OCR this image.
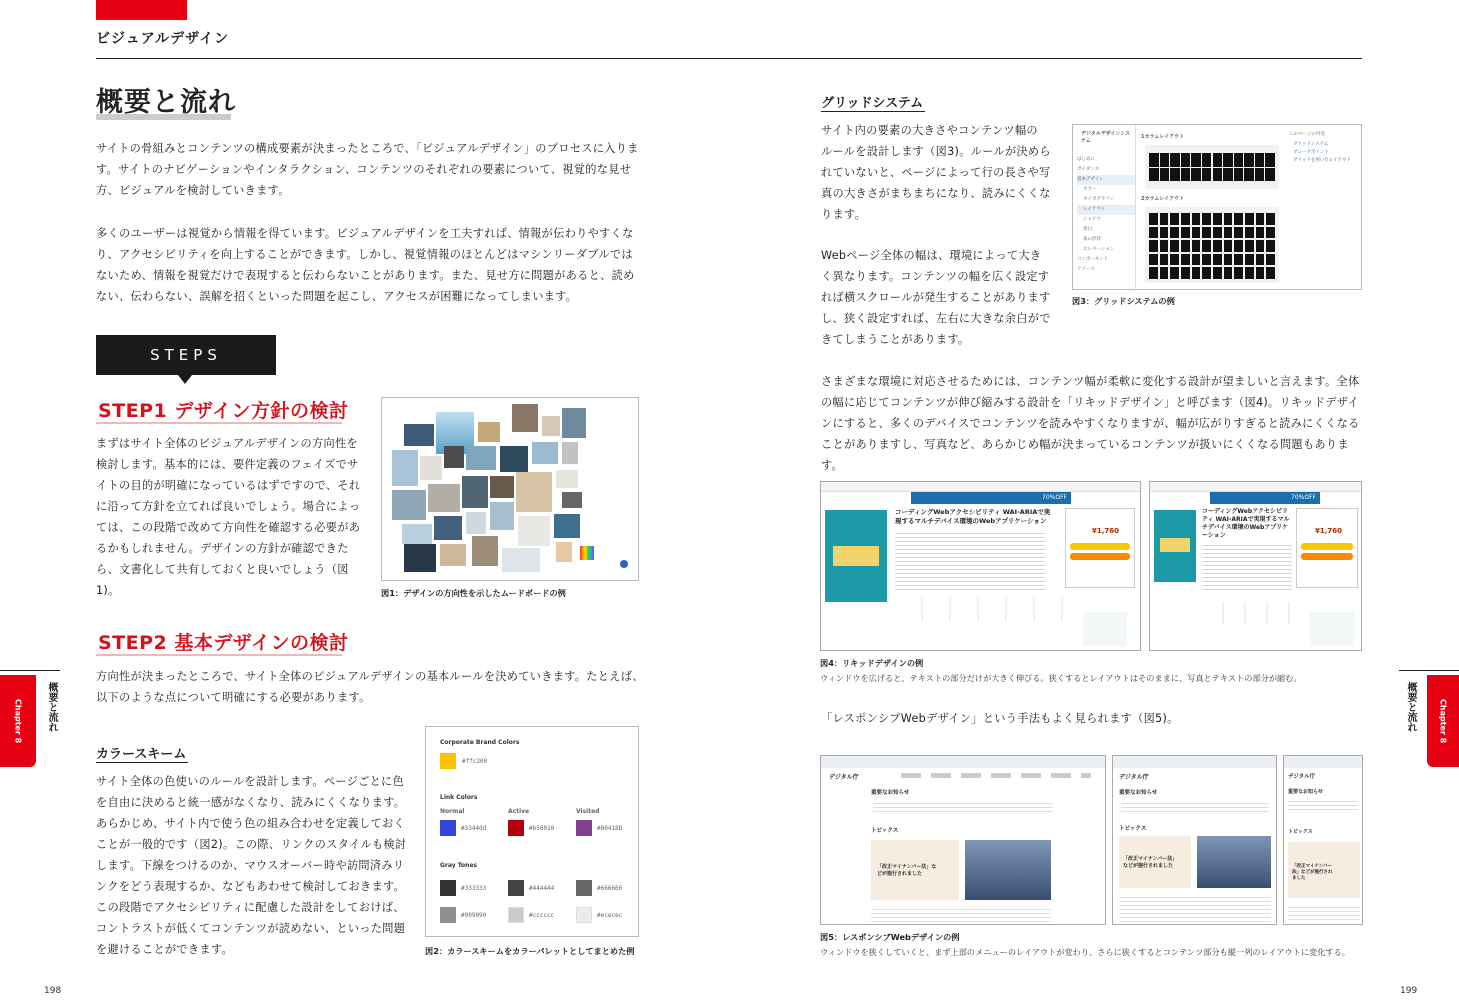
ビジュアルデザイン
概要と流れ
サイトの骨組みとコンテンツの構成要素が決まったところで、「ビジュアルデザイン」のプロセスに入りま
す。サイトのナビゲーションやインタラクション、コンテンツのそれぞれの要素について、視覚的な見せ
方、ビジュアルを検討していきます。
多くのユーザーは視覚から情報を得ています。ビジュアルデザインを工夫すれば、情報が伝わりやすくな
り、アクセシビリティを向上することができます。しかし、視覚情報のほとんどはマシンリーダブルでは
ないため、情報を視覚だけで表現すると伝わらないことがあります。また、見せ方に問題があると、読め
ない、伝わらない、誤解を招くといった問題を起こし、アクセスが困難になってしまいます。
STEPS
STEP1 デザイン方針の検討
まずはサイト全体のビジュアルデザインの方向性を
検討します。基本的には、要件定義のフェイズでサ
イトの目的が明確になっているはずですので、それ
に沿って方針を立てれば良いでしょう。場合によっ
ては、この段階で改めて方向性を確認する必要があ
るかもしれません。デザインの方針が確認できた
ら、文書化して共有しておくと良いでしょう（図1)。	図1：デザインの方向性を示したムードボードの例
STEP2 基本デザインの検討
方向性が決まったところで、サイト全体のビジュアルデザインの基本ルールを決めていきます。たとえば、
以下のような点について明確にする必要があります。
カラースキーム
サイト全体の色使いのルールを設計します。ページごとに色
を自由に決めると統一感がなくなり、読みにくくなります。
あらかじめ、サイト内で使う色の組み合わせを定義しておく
ことが一般的です（図2)。この際、リンクのスタイルも検討
します。下線をつけるのか、マウスオーバー時や訪問済みリ
ンクをどう表現するか、などもあわせて検討しておきます。
この段階でアクセシビリティに配慮した設計をしておけば、
コントラストが低くてコンテンツが読めない、といった問題
を避けることができます。
Corporate Brand Colors
#ffc200
Link Colors
Normal	Active	Visited
#3344dd	#b50010	#80418D
Gray Tones
#333333	#444444	#666666
#909090	#cccccc	#ececec
図2：カラースキームをカラーパレットとしてまとめた例
Chapter 8	概要と流れ
198
グリッドシステム
サイト内の要素の大きさやコンテンツ幅の
ルールを設計します（図3)。ルールが決めら
れていないと、ページによって行の長さや写
真の大きさがまちまちになり、読みにくくな
ります。
Webページ全体の幅は、環境によって大き
く異なります。コンテンツの幅を広く設定す
れば横スクロールが発生することがあります
し、狭く設定すれば、左右に大きな余白がで
きてしまうことがあります。
デジタルデザインシステム
はじめに
ガイダンス
基本デザイン
カラー
タイポグラフィ
レイアウト
シャドウ
余白
角の形状
エレベーション
コンポーネント
リソース
1カラムレイアウト
2カラムレイアウト
このページの内容
グリッドシステム
ブレークポイント
グリッドを用いたレイアウト
図3：グリッドシステムの例
さまざまな環境に対応させるためには、コンテンツ幅が柔軟に変化する設計が望ましいと言えます。全体
の幅に応じてコンテンツが伸び縮みする設計を「リキッドデザイン」と呼びます（図4)。リキッドデザイ
ンにすると、多くのデバイスでコンテンツを読みやすくなりますが、幅が広がりすぎると読みにくくなる
ことがありますし、写真など、あらかじめ幅が決まっているコンテンツが扱いにくくなる問題もあります。
70%OFF
コーディングWebアクセシビリティ WAI-ARIAで実現するマルチデバイス環境のWebアプリケーション
¥1,760
70%OFF
コーディングWebアクセシビリティ WAI-ARIAで実現するマルチデバイス環境のWebアプリケーション
¥1,760
図4：リキッドデザインの例
ウィンドウを広げると、テキストの部分だけが大きく伸びる。狭くするとレイアウトはそのままに、写真とテキストの部分が縮む。
「レスポンシブWebデザイン」という手法もよく見られます（図5)。
デジタル庁
重要なお知らせ
トピックス
「改正マイナンバー法」などが施行されました
デジタル庁
重要なお知らせ
トピックス
「改正マイナンバー法」などが施行されました
デジタル庁
重要なお知らせ
トピックス
「改正マイナンバー法」などが施行されました
図5：レスポンシブWebデザインの例
ウィンドウを狭くしていくと、まず上部のメニューのレイアウトが変わり、さらに狭くするとコンテンツ部分も縦一列のレイアウトに変化する。
概要と流れ	Chapter 8
199
